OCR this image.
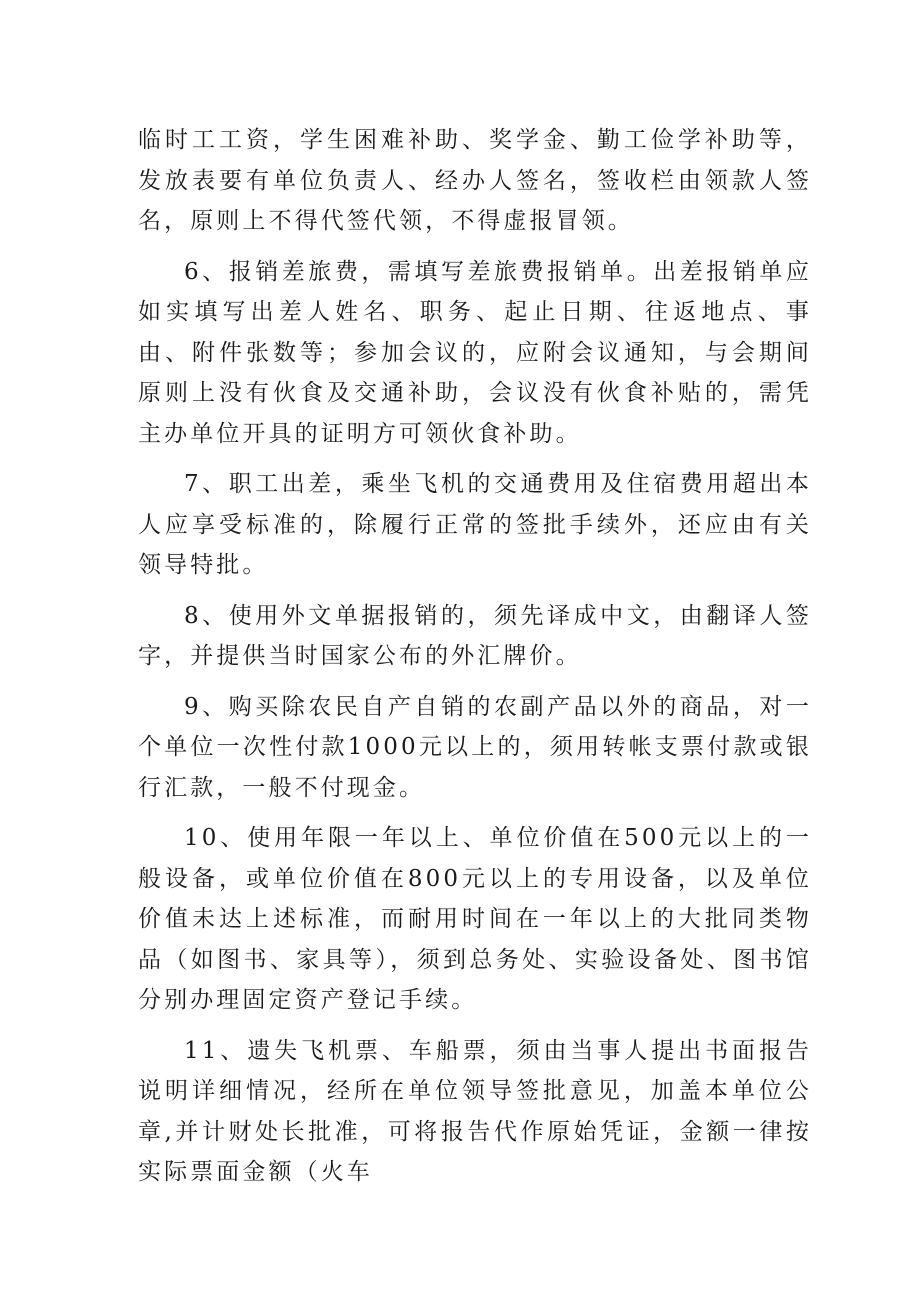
临时工工资，学生困难补助、奖学金、勤工俭学补助等，发放表要有单位负责人、经办人签名，签收栏由领款人签名，原则上不得代签代领，不得虚报冒领。

6、报销差旅费，需填写差旅费报销单。出差报销单应如实填写出差人姓名、职务、起止日期、往返地点、事由、附件张数等；参加会议的，应附会议通知，与会期间原则上没有伙食及交通补助，会议没有伙食补贴的，需凭主办单位开具的证明方可领伙食补助。

7、职工出差，乘坐飞机的交通费用及住宿费用超出本人应享受标准的，除履行正常的签批手续外，还应由有关领导特批。

8、使用外文单据报销的，须先译成中文，由翻译人签字，并提供当时国家公布的外汇牌价。

9、购买除农民自产自销的农副产品以外的商品，对一个单位一次性付款1000元以上的，须用转帐支票付款或银行汇款，一般不付现金。

10、使用年限一年以上、单位价值在500元以上的一般设备，或单位价值在800元以上的专用设备，以及单位价值未达上述标准，而耐用时间在一年以上的大批同类物品（如图书、家具等），须到总务处、实验设备处、图书馆分别办理固定资产登记手续。

11、遗失飞机票、车船票，须由当事人提出书面报告说明详细情况，经所在单位领导签批意见，加盖本单位公章,并计财处长批准，可将报告代作原始凭证，金额一律按实际票面金额（火车
